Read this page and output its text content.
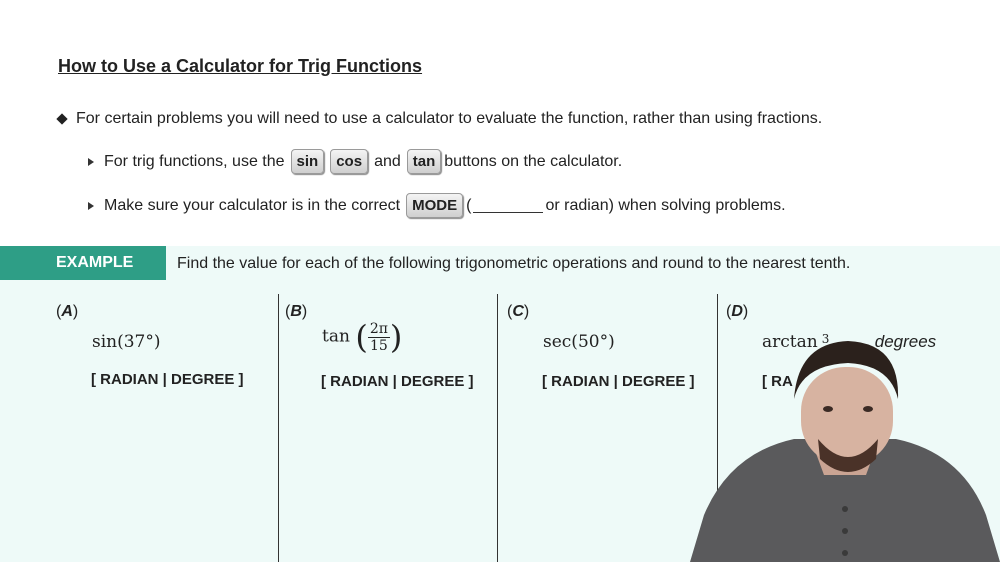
How to Use a Calculator for Trig Functions
For certain problems you will need to use a calculator to evaluate the function, rather than using fractions.
For trig functions, use the sin	cos and tan buttons on the calculator.
Make sure your calculator is in the correct MODE (	or radian) when solving problems.
EXAMPLE	Find the value for each of the following trigonometric operations and round to the nearest tenth.
(A)
sin(37°)
[ RADIAN | DEGREE ]
(B)
tan ( $\frac{2\pi}{15}$ )
[ RADIAN | DEGREE ]
(C)
sec(50°)
[ RADIAN | DEGREE ]
(D)
arctan $^3$	degrees
[ RA
